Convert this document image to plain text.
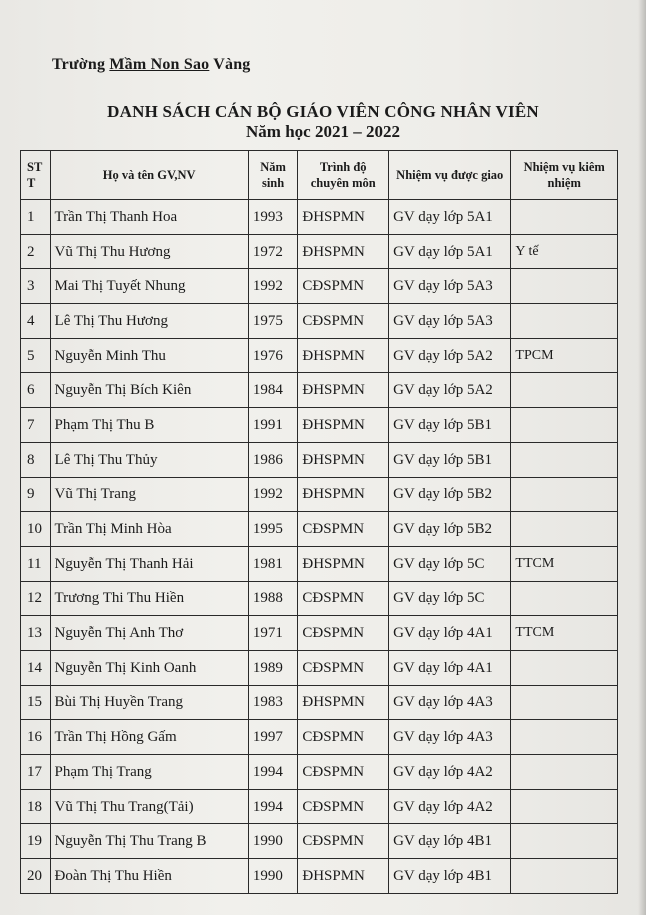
Trường Mầm Non Sao Vàng
DANH SÁCH CÁN BỘ GIÁO VIÊN CÔNG NHÂN VIÊN
Năm học 2021 – 2022
ST T	Họ và tên GV,NV	Năm sinh	Trình độ chuyên môn	Nhiệm vụ được giao	Nhiệm vụ kiêm nhiệm
1	Trần Thị Thanh Hoa	1993	ĐHSPMN	GV dạy lớp 5A1	
2	Vũ Thị Thu Hương	1972	ĐHSPMN	GV dạy lớp 5A1	Y tế
3	Mai Thị Tuyết Nhung	1992	CĐSPMN	GV dạy lớp 5A3	
4	Lê Thị Thu Hương	1975	CĐSPMN	GV dạy lớp 5A3	
5	Nguyễn Minh Thu	1976	ĐHSPMN	GV dạy lớp 5A2	TPCM
6	Nguyễn Thị Bích Kiên	1984	ĐHSPMN	GV dạy lớp 5A2	
7	Phạm Thị Thu B	1991	ĐHSPMN	GV dạy lớp 5B1	
8	Lê Thị Thu Thủy	1986	ĐHSPMN	GV dạy lớp 5B1	
9	Vũ Thị Trang	1992	ĐHSPMN	GV dạy lớp 5B2	
10	Trần Thị Minh Hòa	1995	CĐSPMN	GV dạy lớp 5B2	
11	Nguyễn Thị Thanh Hải	1981	ĐHSPMN	GV dạy lớp 5C	TTCM
12	Trương Thi Thu Hiền	1988	CĐSPMN	GV dạy lớp 5C	
13	Nguyễn Thị Anh Thơ	1971	CĐSPMN	GV dạy lớp 4A1	TTCM
14	Nguyễn Thị Kinh Oanh	1989	CĐSPMN	GV dạy lớp 4A1	
15	Bùi Thị Huyền Trang	1983	ĐHSPMN	GV dạy lớp 4A3	
16	Trần Thị Hồng Gấm	1997	CĐSPMN	GV dạy lớp 4A3	
17	Phạm Thị Trang	1994	CĐSPMN	GV dạy lớp 4A2	
18	Vũ Thị Thu Trang(Tải)	1994	CĐSPMN	GV dạy lớp 4A2	
19	Nguyễn Thị Thu Trang B	1990	CĐSPMN	GV dạy lớp 4B1	
20	Đoàn Thị Thu Hiền	1990	ĐHSPMN	GV dạy lớp 4B1	
